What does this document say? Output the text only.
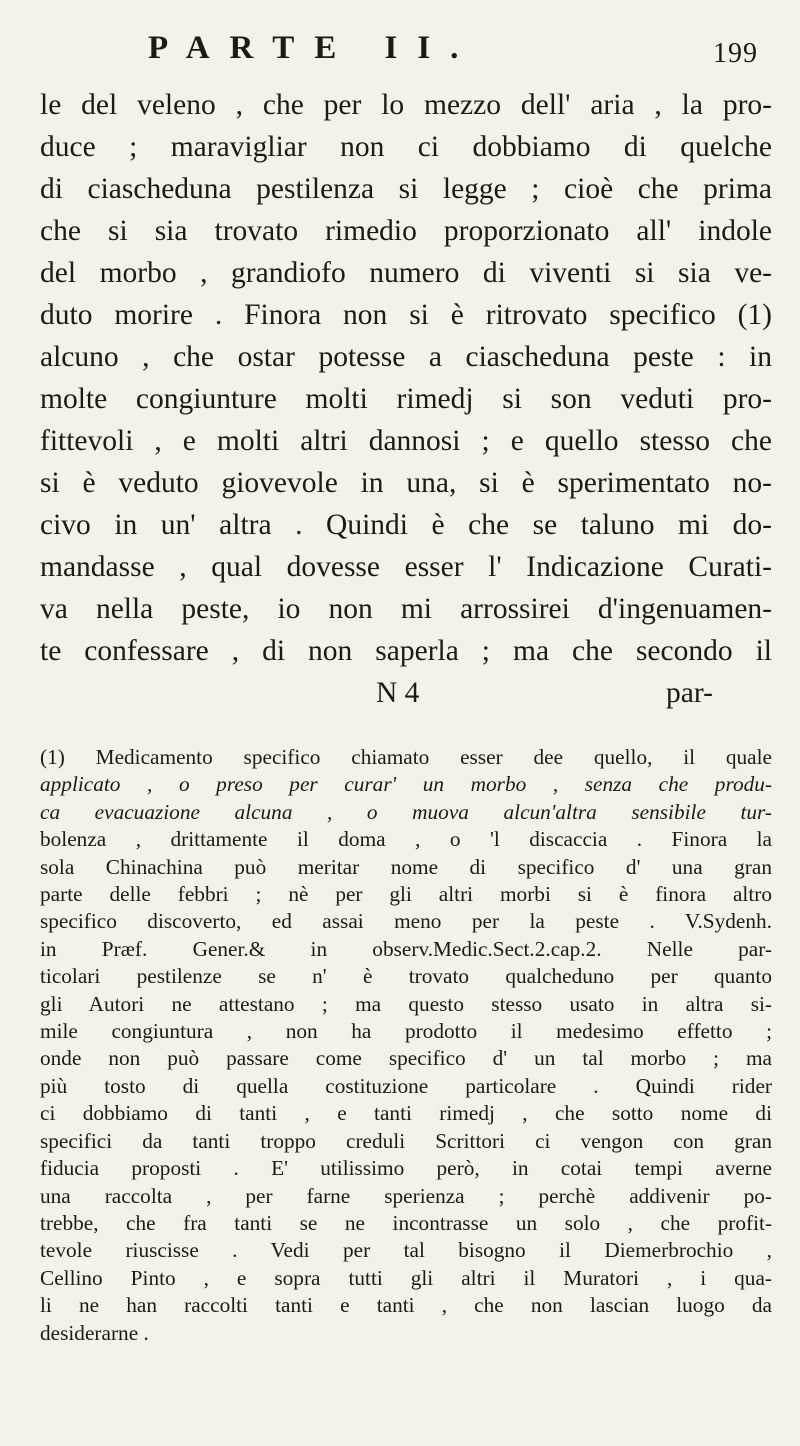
PARTE II.	199
le del veleno , che per lo mezzo dell' aria , la pro-
duce ; maravigliar non ci dobbiamo di quelche
di ciascheduna pestilenza si legge ; cioè che prima
che si sia trovato rimedio proporzionato all' indole
del morbo , grandiofo numero di viventi si sia ve-
duto morire . Finora non si è ritrovato specifico (1)
alcuno , che ostar potesse a ciascheduna peste : in
molte congiunture molti rimedj si son veduti pro-
fittevoli , e molti altri dannosi ; e quello stesso che
si è veduto giovevole in una, si è sperimentato no-
civo in un' altra . Quindi è che se taluno mi do-
mandasse , qual dovesse esser l' Indicazione Curati-
va nella peste, io non mi arrossirei d'ingenuamen-
te confessare , di non saperla ; ma che secondo il
N 4	par-
(1) Medicamento specifico chiamato esser dee quello, il quale
applicato , o preso per curar' un morbo , senza che produ-
ca evacuazione alcuna , o muova alcun'altra sensibile tur-
bolenza , drittamente il doma , o 'l discaccia . Finora la
sola Chinachina può meritar nome di specifico d' una gran
parte delle febbri ; nè per gli altri morbi si è finora altro
specifico discoverto, ed assai meno per la peste . V.Sydenh.
in Præf. Gener.& in observ.Medic.Sect.2.cap.2. Nelle par-
ticolari pestilenze se n' è trovato qualcheduno per quanto
gli Autori ne attestano ; ma questo stesso usato in altra si-
mile congiuntura , non ha prodotto il medesimo effetto ;
onde non può passare come specifico d' un tal morbo ; ma
più tosto di quella costituzione particolare . Quindi rider
ci dobbiamo di tanti , e tanti rimedj , che sotto nome di
specifici da tanti troppo creduli Scrittori ci vengon con gran
fiducia proposti . E' utilissimo però, in cotai tempi averne
una raccolta , per farne sperienza ; perchè addivenir po-
trebbe, che fra tanti se ne incontrasse un solo , che profit-
tevole riuscisse . Vedi per tal bisogno il Diemerbrochio ,
Cellino Pinto , e sopra tutti gli altri il Muratori , i qua-
li ne han raccolti tanti e tanti , che non lascian luogo da
desiderarne .
